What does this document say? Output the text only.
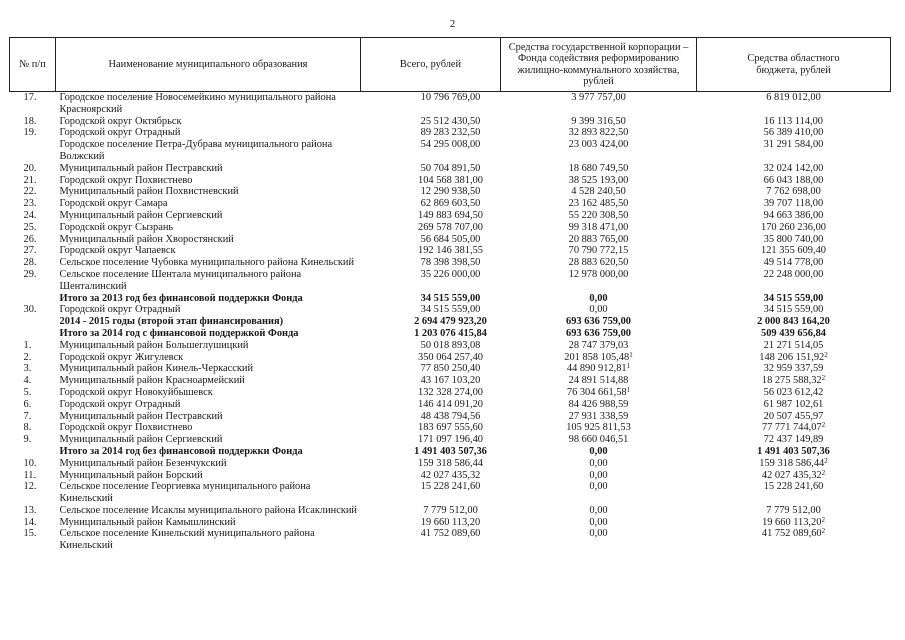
2
№ п/п	Наименование муниципального образования	Всего, рублей	Средства государственной корпорации – Фонда содействия реформированию жилищно-коммунального хозяйства, рублей	Средства областного бюджета, рублей
17.	Городское поселение Новосемейкино муниципального района Красноярский	10 796 769,00	3 977 757,00	6 819 012,00
18.	Городской округ Октябрьск	25 512 430,50	9 399 316,50	16 113 114,00
19.	Городской округ Отрадный	89 283 232,50	32 893 822,50	56 389 410,00
	Городское поселение Петра-Дубрава муниципального района Волжский	54 295 008,00	23 003 424,00	31 291 584,00
20.	Муниципальный район Пестравский	50 704 891,50	18 680 749,50	32 024 142,00
21.	Городской округ Похвистнево	104 568 381,00	38 525 193,00	66 043 188,00
22.	Муниципальный район Похвистневский	12 290 938,50	4 528 240,50	7 762 698,00
23.	Городской округ Самара	62 869 603,50	23 162 485,50	39 707 118,00
24.	Муниципальный район Сергиевский	149 883 694,50	55 220 308,50	94 663 386,00
25.	Городской округ Сызрань	269 578 707,00	99 318 471,00	170 260 236,00
26.	Муниципальный район Хворостянский	56 684 505,00	20 883 765,00	35 800 740,00
27.	Городской округ Чапаевск	192 146 381,55	70 790 772,15	121 355 609,40
28.	Сельское поселение Чубовка муниципального района Кинельский	78 398 398,50	28 883 620,50	49 514 778,00
29.	Сельское поселение Шентала муниципального района Шенталинский	35 226 000,00	12 978 000,00	22 248 000,00
	Итого за 2013 год без финансовой поддержки Фонда	34 515 559,00	0,00	34 515 559,00
30.	Городской округ Отрадный	34 515 559,00	0,00	34 515 559,00
	2014 - 2015 годы (второй этап финансирования)	2 694 479 923,20	693 636 759,00	2 000 843 164,20
	Итого за 2014 год с финансовой поддержкой Фонда	1 203 076 415,84	693 636 759,00	509 439 656,84
1.	Муниципальный район Большеглушицкий	50 018 893,08	28 747 379,03	21 271 514,05
2.	Городской округ Жигулевск	350 064 257,40	201 858 105,48$^1$	148 206 151,92$^2$
3.	Муниципальный район Кинель-Черкасский	77 850 250,40	44 890 912,81$^1$	32 959 337,59
4.	Муниципальный район Красноармейский	43 167 103,20	24 891 514,88	18 275 588,32$^2$
5.	Городской округ Новокуйбышевск	132 328 274,00	76 304 661,58$^1$	56 023 612,42
6.	Городской округ Отрадный	146 414 091,20	84 426 988,59	61 987 102,61
7.	Муниципальный район Пестравский	48 438 794,56	27 931 338,59	20 507 455,97
8.	Городской округ Похвистнево	183 697 555,60	105 925 811,53	77 771 744,07$^2$
9.	Муниципальный район Сергиевский	171 097 196,40	98 660 046,51	72 437 149,89
	Итого за 2014 год без финансовой поддержки Фонда	1 491 403 507,36	0,00	1 491 403 507,36
10.	Муниципальный район Безенчукский	159 318 586,44	0,00	159 318 586,44$^2$
11.	Муниципальный район Борский	42 027 435,32	0,00	42 027 435,32$^2$
12.	Сельское поселение Георгиевка муниципального района Кинельский	15 228 241,60	0,00	15 228 241,60
13.	Сельское поселение Исаклы муниципального района Исаклинский	7 779 512,00	0,00	7 779 512,00
14.	Муниципальный район Камышлинский	19 660 113,20	0,00	19 660 113,20$^2$
15.	Сельское поселение Кинельский муниципального района Кинельский	41 752 089,60	0,00	41 752 089,60$^2$
